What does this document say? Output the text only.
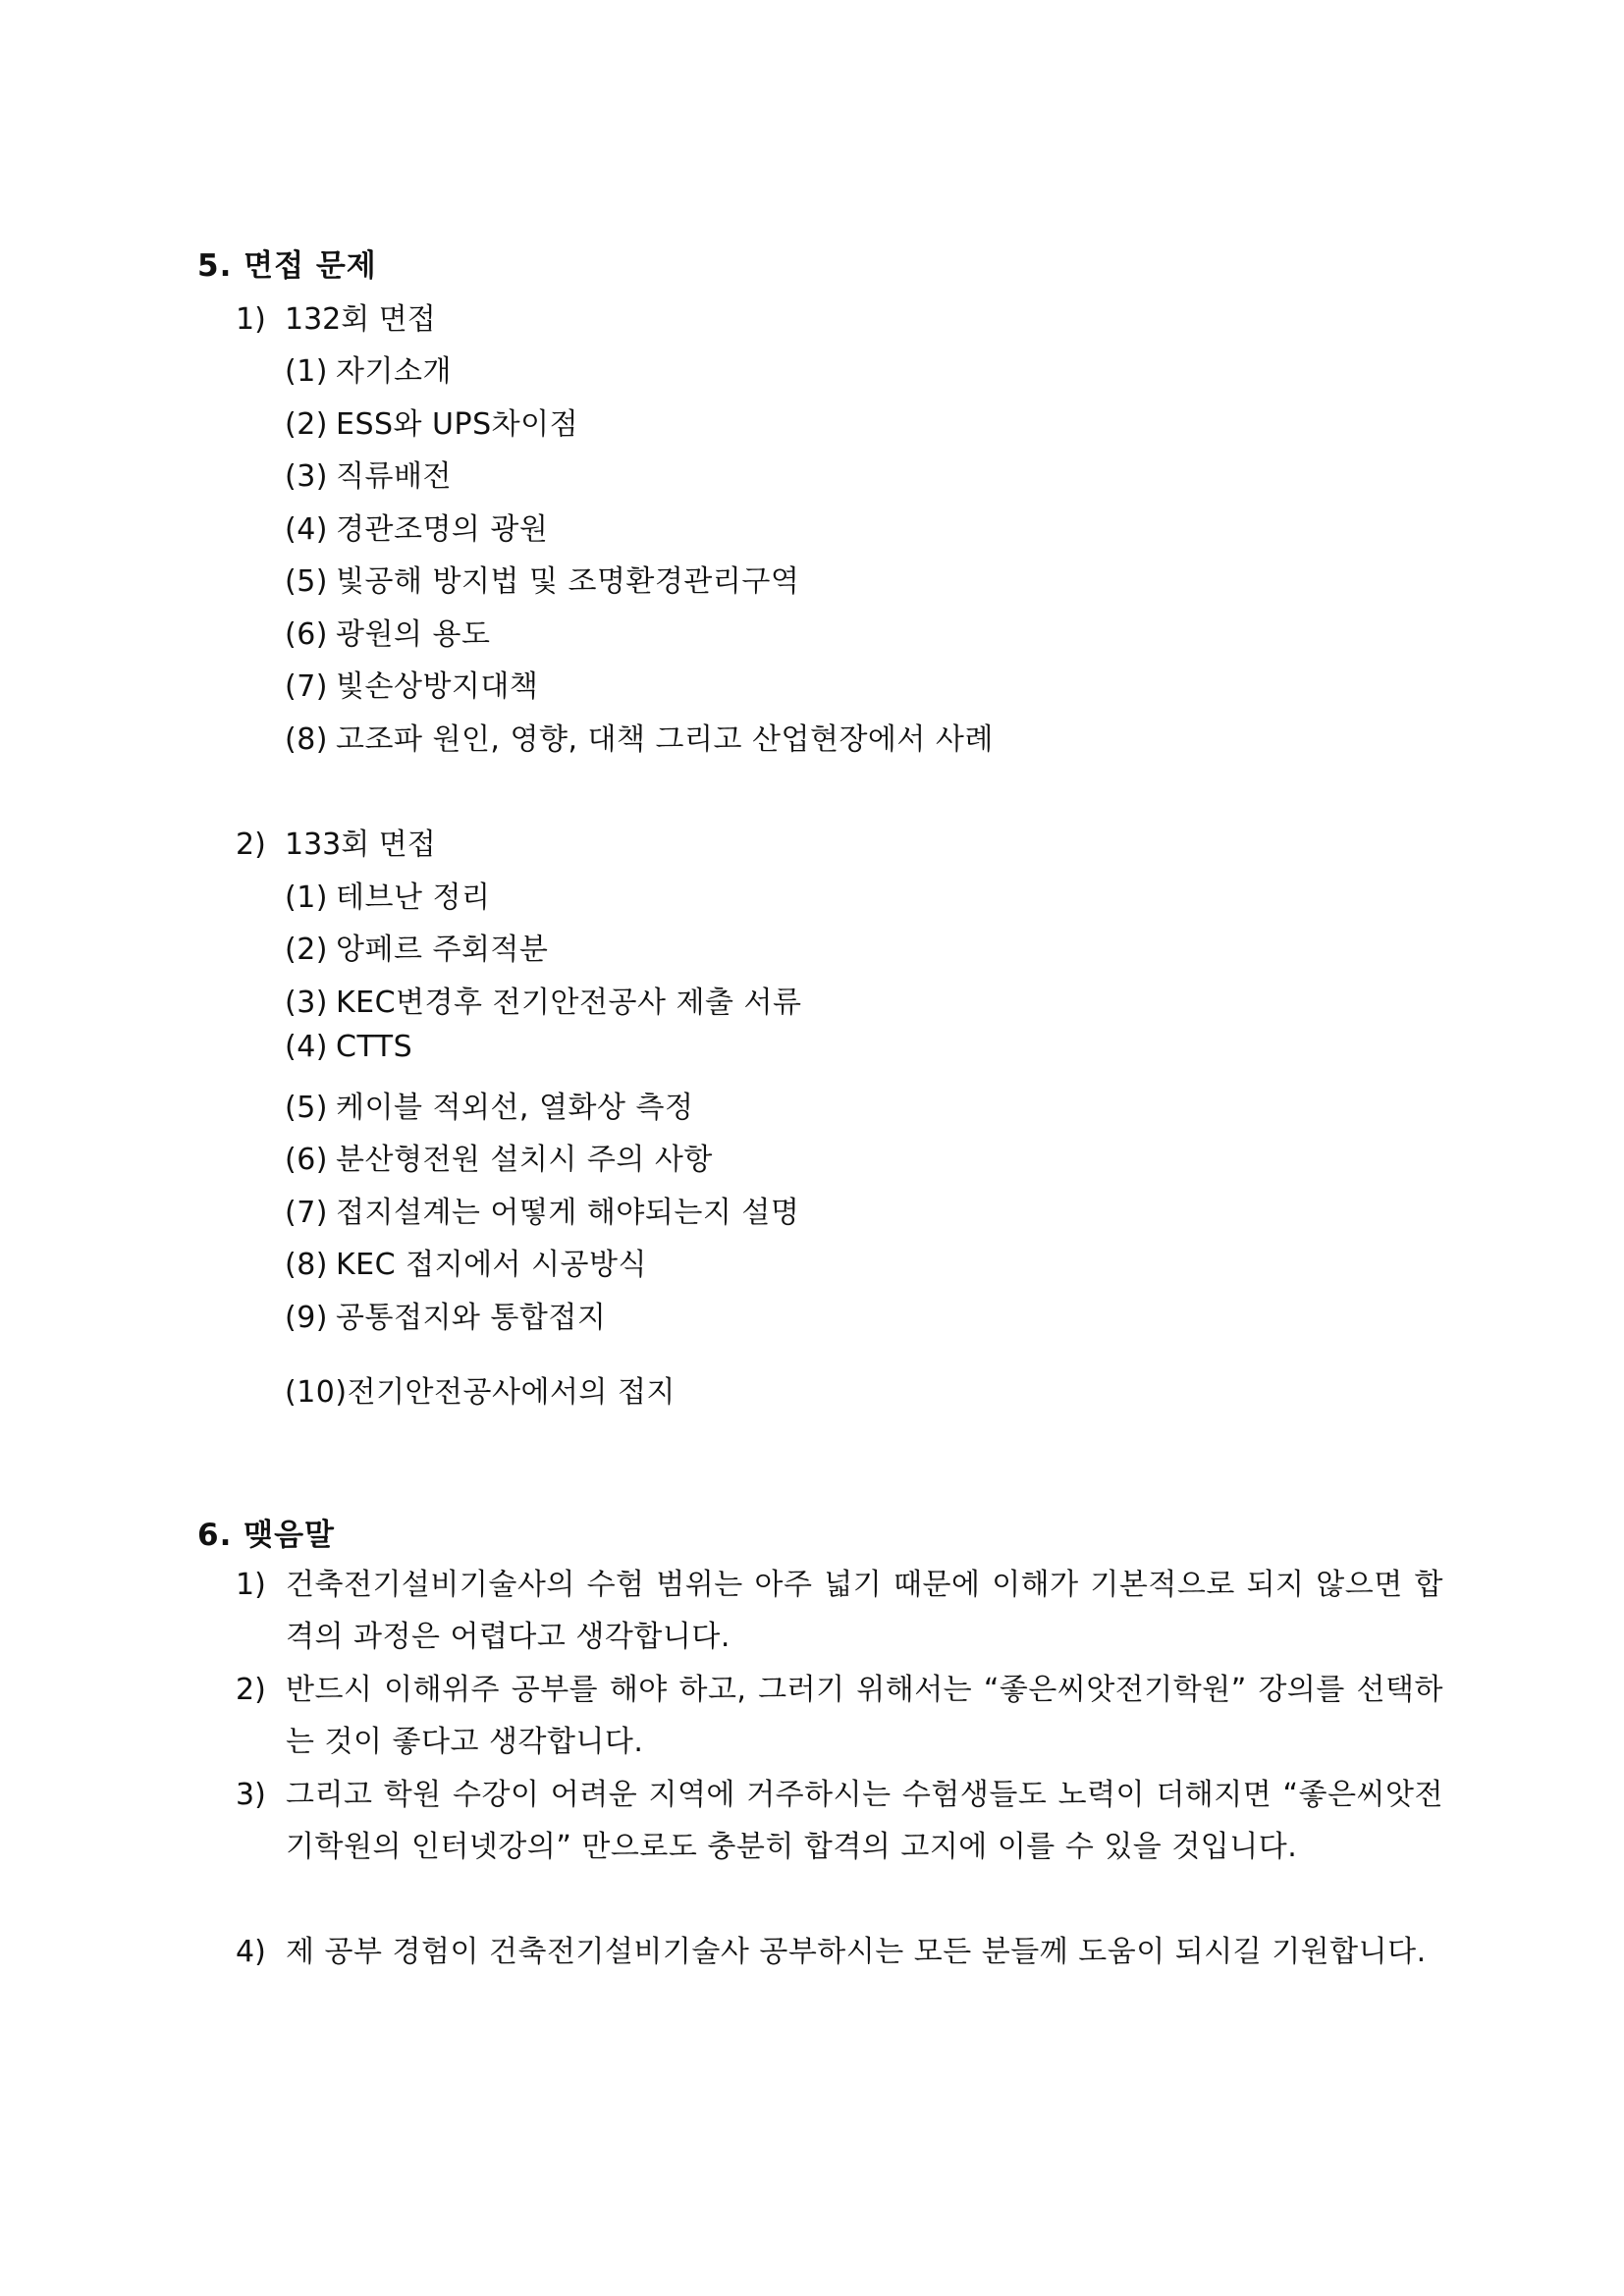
5. 면접 문제
1) 132회 면접
(1) 자기소개
(2) ESS와 UPS차이점
(3) 직류배전
(4) 경관조명의 광원
(5) 빛공해 방지법 및 조명환경관리구역
(6) 광원의 용도
(7) 빛손상방지대책
(8) 고조파 원인, 영향, 대책 그리고 산업현장에서 사례
2) 133회 면접
(1) 테브난 정리
(2) 앙페르 주회적분
(3) KEC변경후 전기안전공사 제출 서류
(4) CTTS
(5) 케이블 적외선, 열화상 측정
(6) 분산형전원 설치시 주의 사항
(7) 접지설계는 어떻게 해야되는지 설명
(8) KEC 접지에서 시공방식
(9) 공통접지와 통합접지
(10)전기안전공사에서의 접지
6. 맺음말
1) 건축전기설비기술사의 수험 범위는 아주 넓기 때문에 이해가 기본적으로 되지 않으면 합격의 과정은 어렵다고 생각합니다.
2) 반드시 이해위주 공부를 해야 하고, 그러기 위해서는 “좋은씨앗전기학원” 강의를 선택하는 것이 좋다고 생각합니다.
3) 그리고 학원 수강이 어려운 지역에 거주하시는 수험생들도 노력이 더해지면 “좋은씨앗전기학원의 인터넷강의” 만으로도 충분히 합격의 고지에 이를 수 있을 것입니다.
4) 제 공부 경험이 건축전기설비기술사 공부하시는 모든 분들께 도움이 되시길 기원합니다.
